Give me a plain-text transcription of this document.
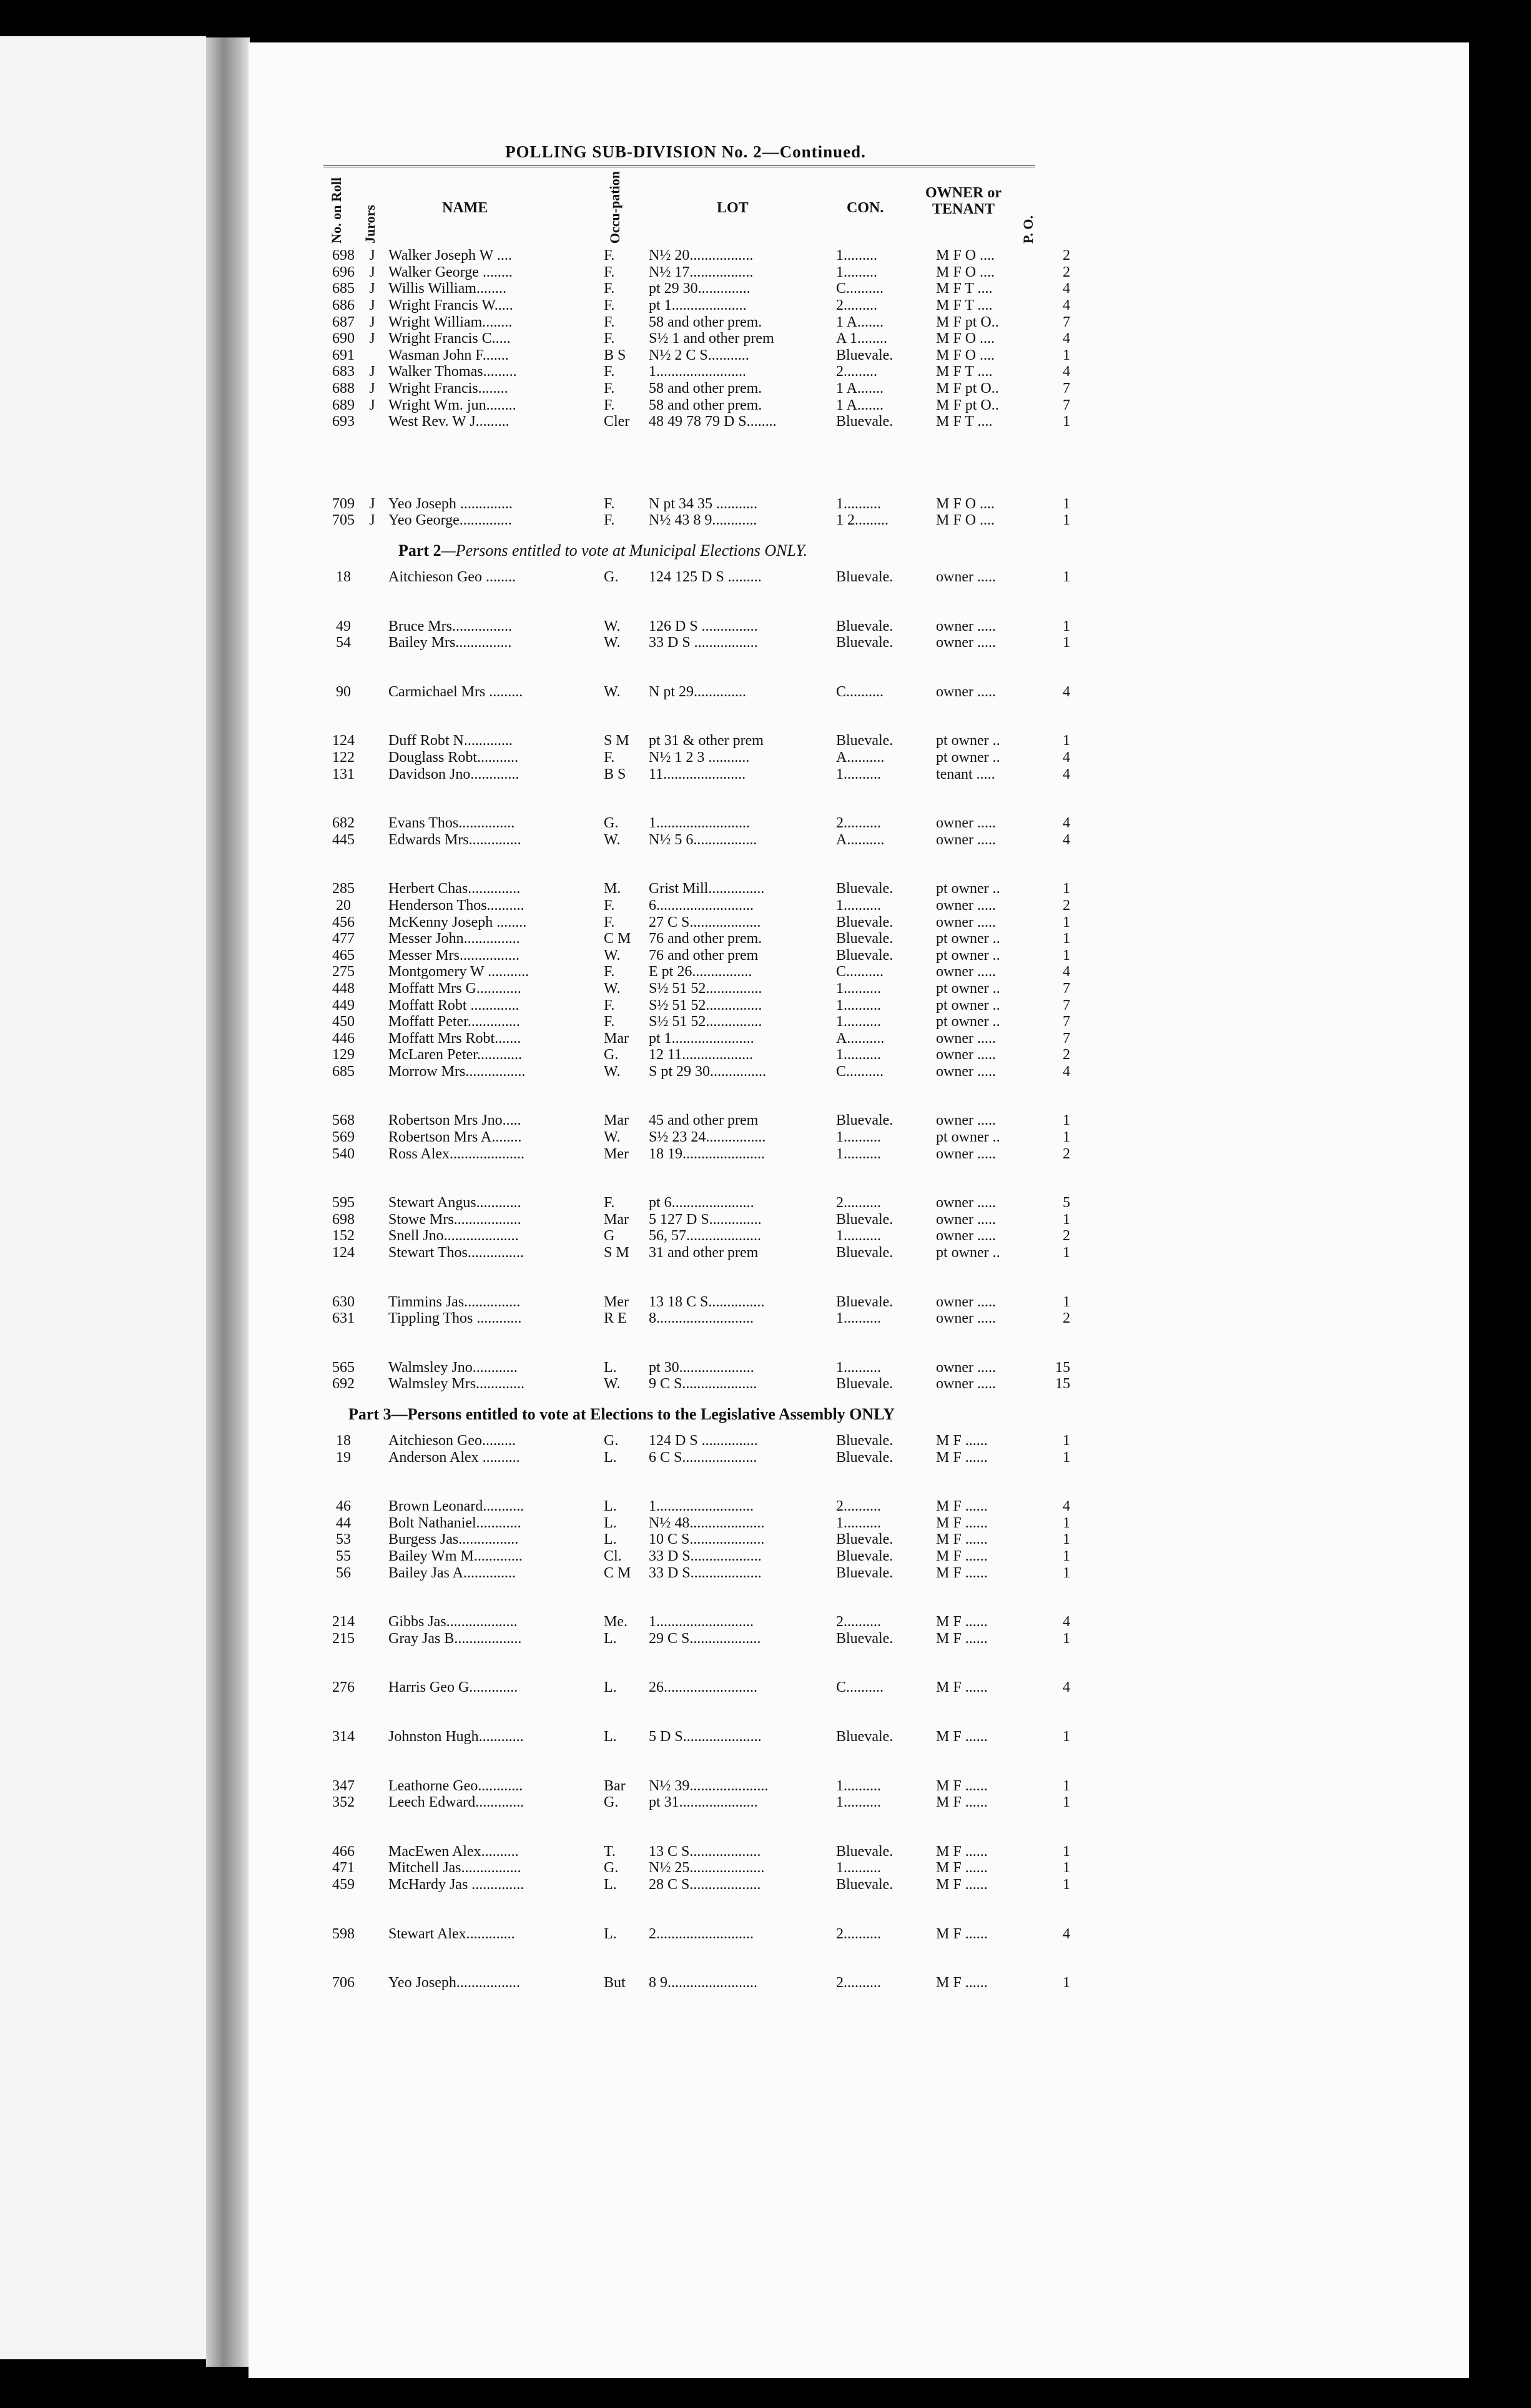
POLLING SUB-DIVISION No. 2—Continued.
No. on Roll Jurors	NAME	Occu-pation	LOT	CON.
OWNER or TENANT
P. O.
698	J	Walker Joseph W ....	F.	N½ 20.................	1.........	M F O ....	2
696	J	Walker George ........	F.	N½ 17.................	1.........	M F O ....	2
685	J	Willis William........	F.	pt 29 30..............	C..........	M F T ....	4
686	J	Wright Francis W.....	F.	pt 1....................	2.........	M F T ....	4
687	J	Wright William........	F.	58 and other prem.	1 A.......	M F pt O..	7
690	J	Wright Francis C.....	F.	S½ 1 and other prem	A 1........	M F O ....	4
691		Wasman John F.......	B S	N½ 2 C S...........	Bluevale.	M F O ....	1
683	J	Walker Thomas.........	F.	1........................	2.........	M F T ....	4
688	J	Wright Francis........	F.	58 and other prem.	1 A.......	M F pt O..	7
689	J	Wright Wm. jun........	F.	58 and other prem.	1 A.......	M F pt O..	7
693		West Rev. W J.........	Cler	48 49 78 79 D S........	Bluevale.	M F T ....	1
709	J	Yeo Joseph ..............	F.	N pt 34 35 ...........	1..........	M F O ....	1
705	J	Yeo George..............	F.	N½ 43 8 9............	1 2.........	M F O ....	1
Part 2—Persons entitled to vote at Municipal Elections ONLY.
18		Aitchieson Geo ........	G.	124 125 D S .........	Bluevale.	owner .....	1

49		Bruce Mrs................	W.	126 D S ...............	Bluevale.	owner .....	1
54		Bailey Mrs...............	W.	33 D S .................	Bluevale.	owner .....	1

90		Carmichael Mrs .........	W.	N pt 29..............	C..........	owner .....	4

124		Duff Robt N.............	S M	pt 31 & other prem	Bluevale.	pt owner ..	1
122		Douglass Robt...........	F.	N½ 1 2 3 ...........	A..........	pt owner ..	4
131		Davidson Jno.............	B S	11......................	1..........	tenant .....	4

682		Evans Thos...............	G.	1.........................	2..........	owner .....	4
445		Edwards Mrs..............	W.	N½ 5 6.................	A..........	owner .....	4

285		Herbert Chas..............	M.	Grist Mill...............	Bluevale.	pt owner ..	1
20		Henderson Thos..........	F.	6..........................	1..........	owner .....	2
456		McKenny Joseph ........	F.	27 C S...................	Bluevale.	owner .....	1
477		Messer John...............	C M	76 and other prem.	Bluevale.	pt owner ..	1
465		Messer Mrs................	W.	76 and other prem	Bluevale.	pt owner ..	1
275		Montgomery W ...........	F.	E pt 26................	C..........	owner .....	4
448		Moffatt Mrs G............	W.	S½ 51 52...............	1..........	pt owner ..	7
449		Moffatt Robt .............	F.	S½ 51 52...............	1..........	pt owner ..	7
450		Moffatt Peter..............	F.	S½ 51 52...............	1..........	pt owner ..	7
446		Moffatt Mrs Robt.......	Mar	pt 1......................	A..........	owner .....	7
129		McLaren Peter............	G.	12 11...................	1..........	owner .....	2
685		Morrow Mrs................	W.	S pt 29 30...............	C..........	owner .....	4

568		Robertson Mrs Jno.....	Mar	45 and other prem	Bluevale.	owner .....	1
569		Robertson Mrs A........	W.	S½ 23 24................	1..........	pt owner ..	1
540		Ross Alex....................	Mer	18 19......................	1..........	owner .....	2

595		Stewart Angus............	F.	pt 6......................	2..........	owner .....	5
698		Stowe Mrs..................	Mar	5 127 D S..............	Bluevale.	owner .....	1
152		Snell Jno....................	G	56, 57....................	1..........	owner .....	2
124		Stewart Thos...............	S M	31 and other prem	Bluevale.	pt owner ..	1

630		Timmins Jas...............	Mer	13 18 C S...............	Bluevale.	owner .....	1
631		Tippling Thos ............	R E	8..........................	1..........	owner .....	2

565		Walmsley Jno............	L.	pt 30....................	1..........	owner .....	15
692		Walmsley Mrs.............	W.	9 C S....................	Bluevale.	owner .....	15
Part 3—Persons entitled to vote at Elections to the Legislative Assembly ONLY
18		Aitchieson Geo.........	G.	124 D S ...............	Bluevale.	M F ......	1
19		Anderson Alex ..........	L.	6 C S....................	Bluevale.	M F ......	1

46		Brown Leonard...........	L.	1..........................	2..........	M F ......	4
44		Bolt Nathaniel............	L.	N½ 48....................	1..........	M F ......	1
53		Burgess Jas................	L.	10 C S....................	Bluevale.	M F ......	1
55		Bailey Wm M.............	Cl.	33 D S...................	Bluevale.	M F ......	1
56		Bailey Jas A..............	C M	33 D S...................	Bluevale.	M F ......	1

214		Gibbs Jas...................	Me.	1..........................	2..........	M F ......	4
215		Gray Jas B..................	L.	29 C S...................	Bluevale.	M F ......	1

276		Harris Geo G.............	L.	26.........................	C..........	M F ......	4

314		Johnston Hugh............	L.	5 D S.....................	Bluevale.	M F ......	1

347		Leathorne Geo............	Bar	N½ 39.....................	1..........	M F ......	1
352		Leech Edward.............	G.	pt 31.....................	1..........	M F ......	1

466		MacEwen Alex..........	T.	13 C S...................	Bluevale.	M F ......	1
471		Mitchell Jas................	G.	N½ 25....................	1..........	M F ......	1
459		McHardy Jas ..............	L.	28 C S...................	Bluevale.	M F ......	1

598		Stewart Alex.............	L.	2..........................	2..........	M F ......	4

706		Yeo Joseph.................	But	8 9........................	2..........	M F ......	1
